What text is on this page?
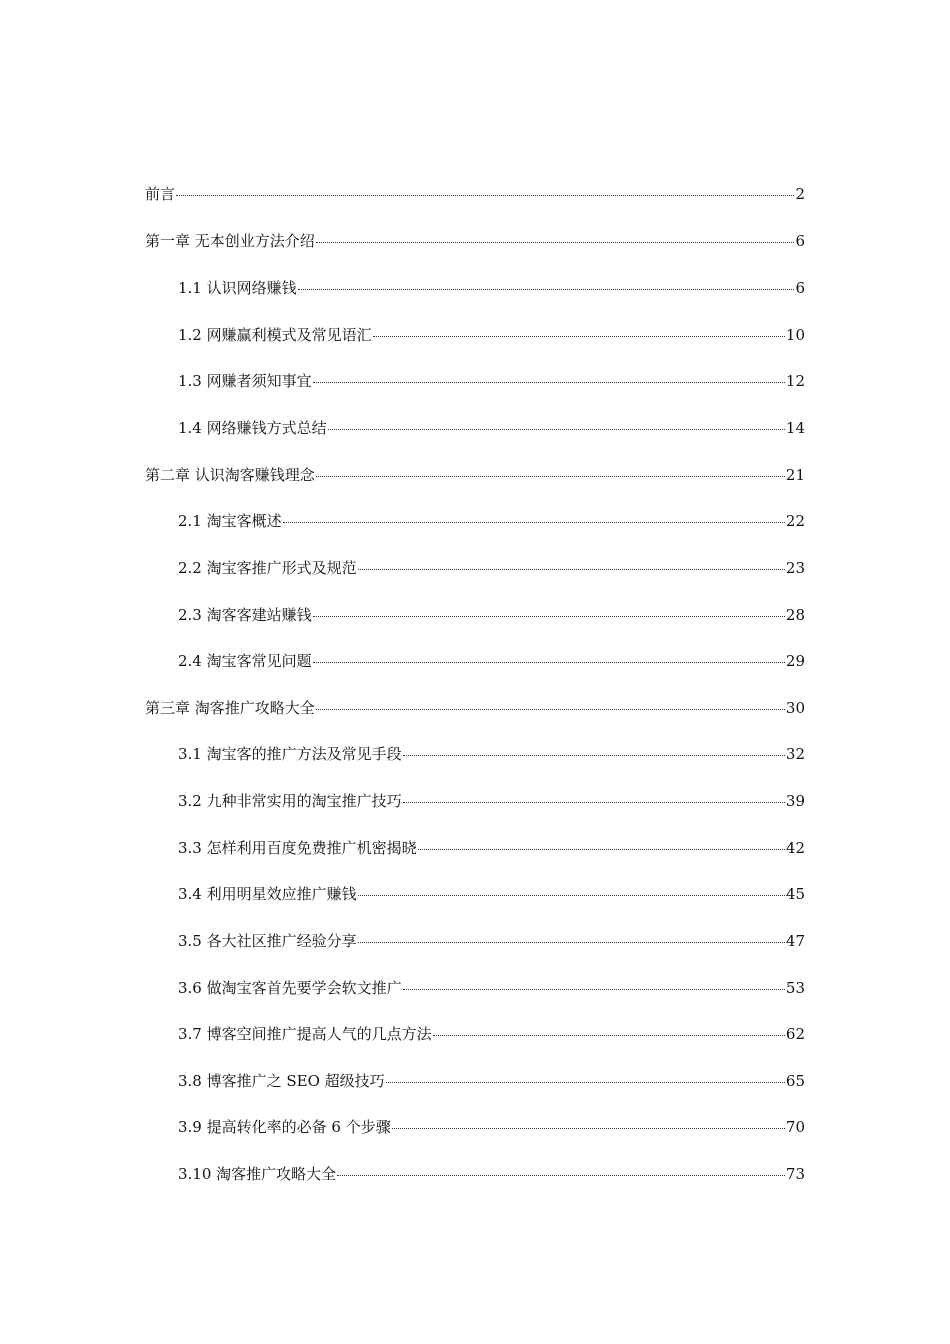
前言	2
第一章 无本创业方法介绍	6
1.1 认识网络赚钱	6
1.2 网赚赢利模式及常见语汇	10
1.3 网赚者须知事宜	12
1.4 网络赚钱方式总结	14
第二章 认识淘客赚钱理念	21
2.1 淘宝客概述	22
2.2 淘宝客推广形式及规范	23
2.3 淘客客建站赚钱	28
2.4 淘宝客常见问题	29
第三章 淘客推广攻略大全	30
3.1 淘宝客的推广方法及常见手段	32
3.2 九种非常实用的淘宝推广技巧	39
3.3 怎样利用百度免费推广机密揭晓	42
3.4 利用明星效应推广赚钱	45
3.5 各大社区推广经验分享	47
3.6 做淘宝客首先要学会软文推广	53
3.7 博客空间推广提高人气的几点方法	62
3.8 博客推广之 SEO 超级技巧	65
3.9 提高转化率的必备 6 个步骤	70
3.10 淘客推广攻略大全	73
